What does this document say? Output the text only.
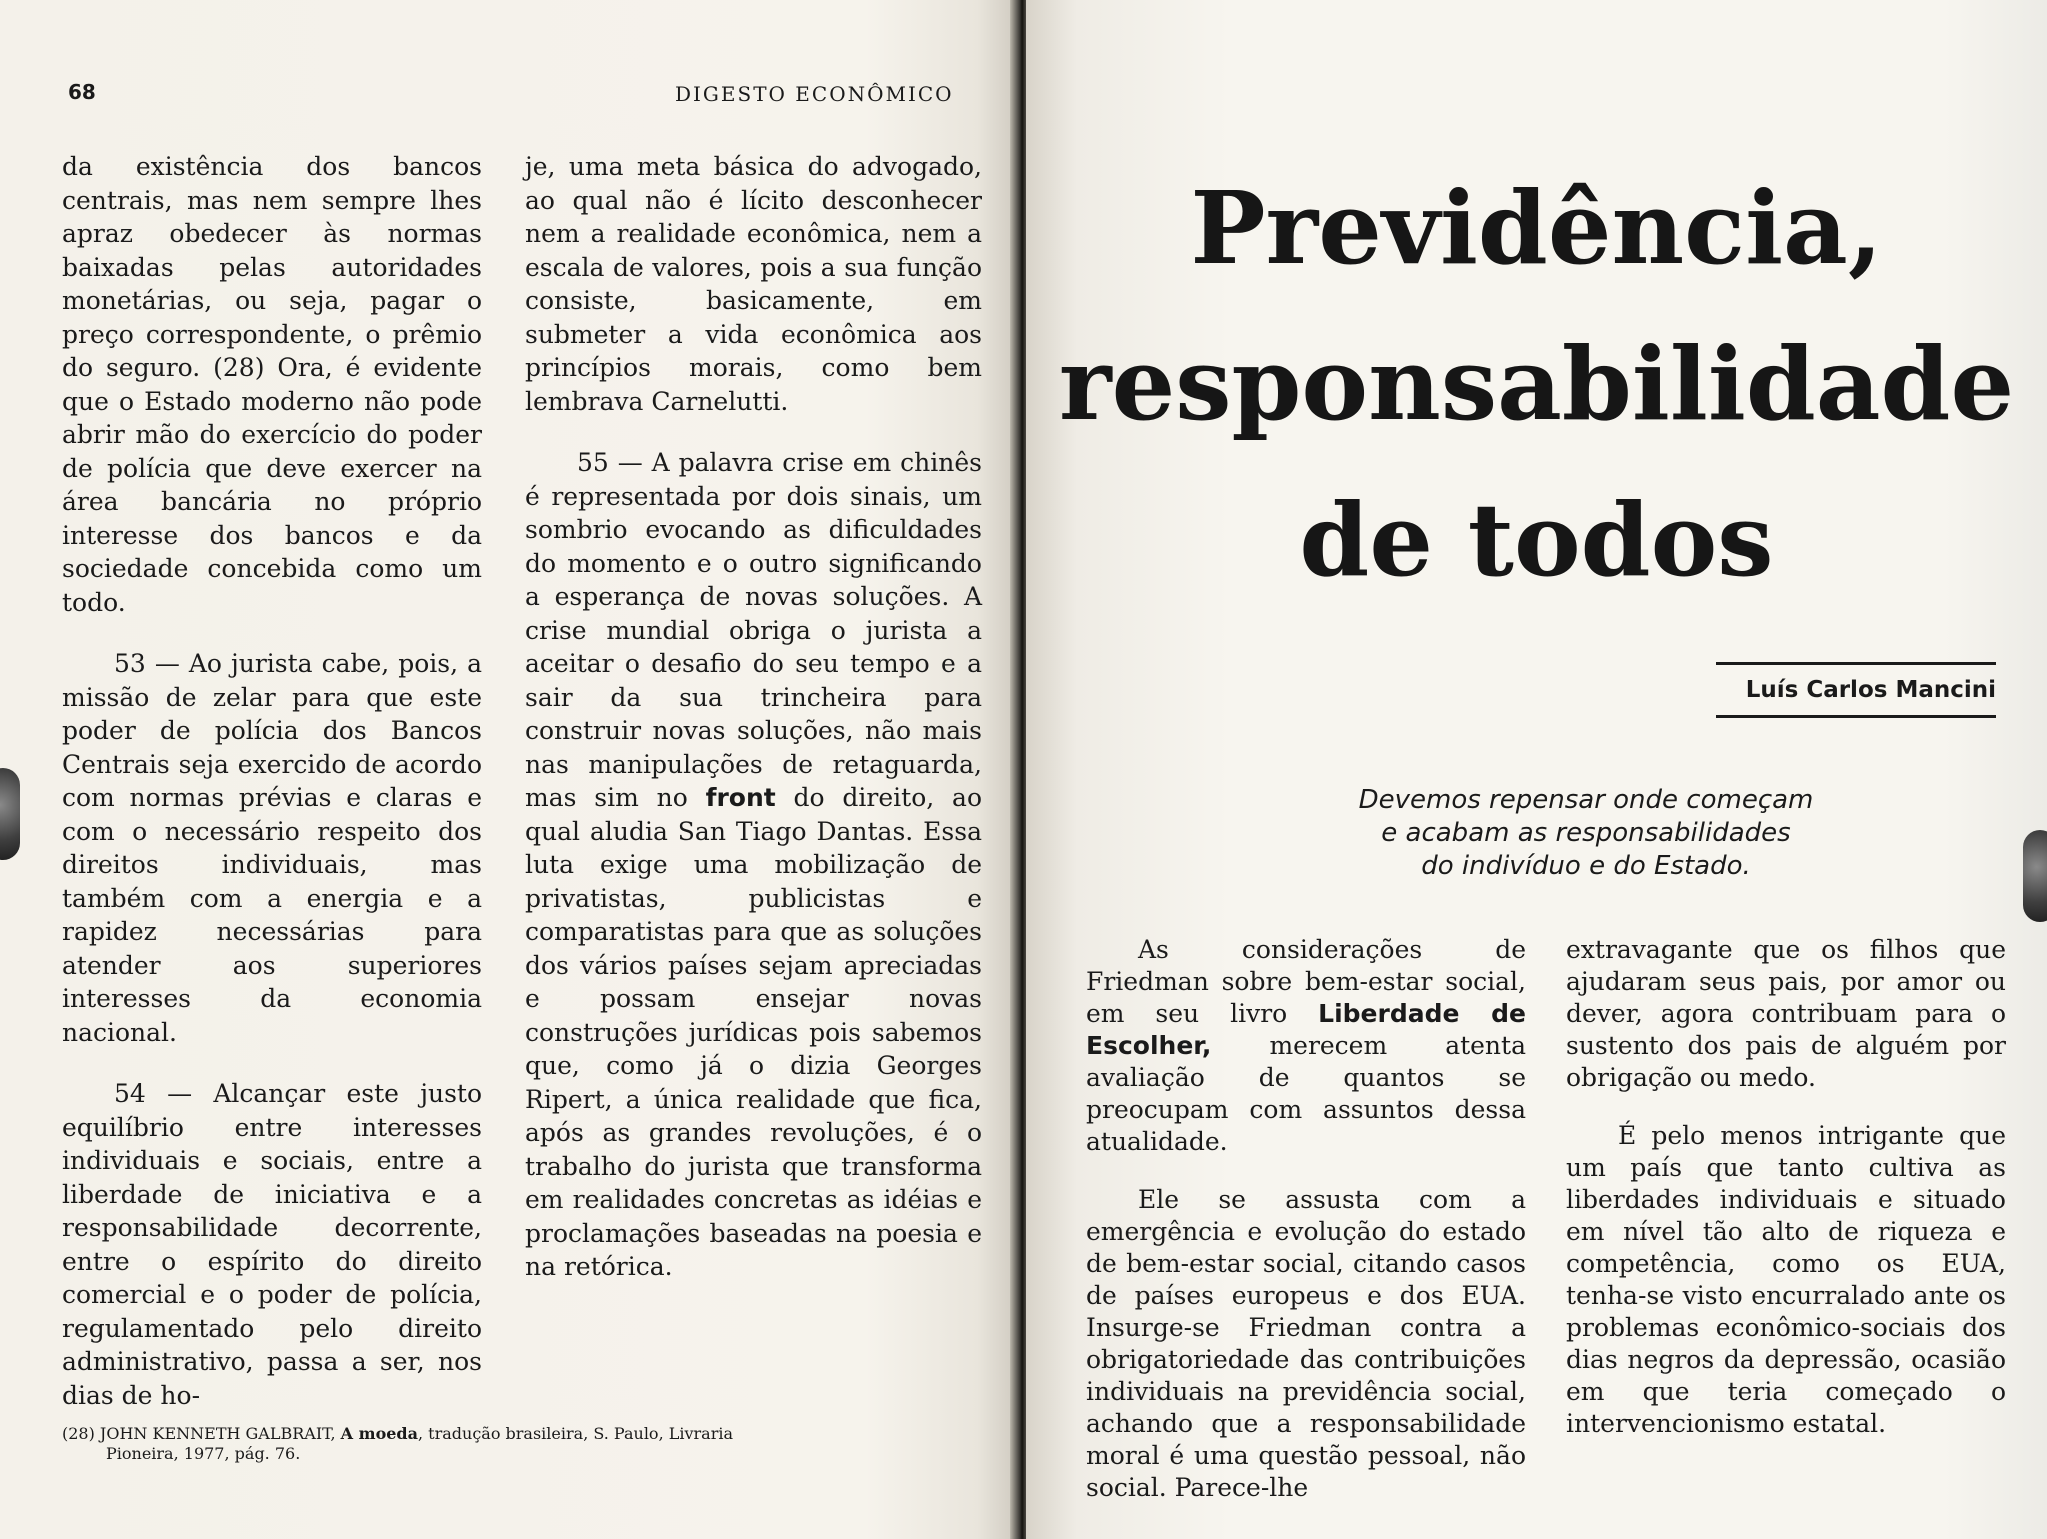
68	DIGESTO ECONÔMICO

da existência dos bancos centrais, mas nem sempre lhes apraz obedecer às normas baixadas pelas autoridades monetárias, ou seja, pagar o preço correspondente, o prêmio do seguro. (28) Ora, é evidente que o Estado moderno não pode abrir mão do exercício do poder de polícia que deve exercer na área bancária no próprio interesse dos bancos e da sociedade concebida como um todo.

53 — Ao jurista cabe, pois, a missão de zelar para que este poder de polícia dos Bancos Centrais seja exercido de acordo com normas prévias e claras e com o necessário respeito dos direitos individuais, mas também com a energia e a rapidez necessárias para atender aos superiores interesses da economia nacional.

54 — Alcançar este justo equilíbrio entre interesses individuais e sociais, entre a liberdade de iniciativa e a responsabilidade decorrente, entre o espírito do direito comercial e o poder de polícia, regulamentado pelo direito administrativo, passa a ser, nos dias de ho-

je, uma meta básica do advogado, ao qual não é lícito desconhecer nem a realidade econômica, nem a escala de valores, pois a sua função consiste, basicamente, em submeter a vida econômica aos princípios morais, como bem lembrava Carnelutti.

55 — A palavra crise em chinês é representada por dois sinais, um sombrio evocando as dificuldades do momento e o outro significando a esperança de novas soluções. A crise mundial obriga o jurista a aceitar o desafio do seu tempo e a sair da sua trincheira para construir novas soluções, não mais nas manipulações de retaguarda, mas sim no front do direito, ao qual aludia San Tiago Dantas. Essa luta exige uma mobilização de privatistas, publicistas e comparatistas para que as soluções dos vários países sejam apreciadas e possam ensejar novas construções jurídicas pois sabemos que, como já o dizia Georges Ripert, a única realidade que fica, após as grandes revoluções, é o trabalho do jurista que transforma em realidades concretas as idéias e proclamações baseadas na poesia e na retórica.

(28) JOHN KENNETH GALBRAIT, A moeda, tradução brasileira, S. Paulo, Livraria
Pioneira, 1977, pág. 76.
Previdência,
responsabilidade
de todos
Luís Carlos Mancini
Devemos repensar onde começam
e acabam as responsabilidades
do indivíduo e do Estado.

As considerações de Friedman sobre bem-estar social, em seu livro Liberdade de Escolher, merecem atenta avaliação de quantos se preocupam com assuntos dessa atualidade.

Ele se assusta com a emergência e evolução do estado de bem-estar social, citando casos de países europeus e dos EUA. Insurge-se Friedman contra a obrigatoriedade das contribuições individuais na previdência social, achando que a responsabilidade moral é uma questão pessoal, não social. Parece-lhe

extravagante que os filhos que ajudaram seus pais, por amor ou dever, agora contribuam para o sustento dos pais de alguém por obrigação ou medo.

É pelo menos intrigante que um país que tanto cultiva as liberdades individuais e situado em nível tão alto de riqueza e competência, como os EUA, tenha-se visto encurralado ante os problemas econômico-sociais dos dias negros da depressão, ocasião em que teria começado o intervencionismo estatal.
